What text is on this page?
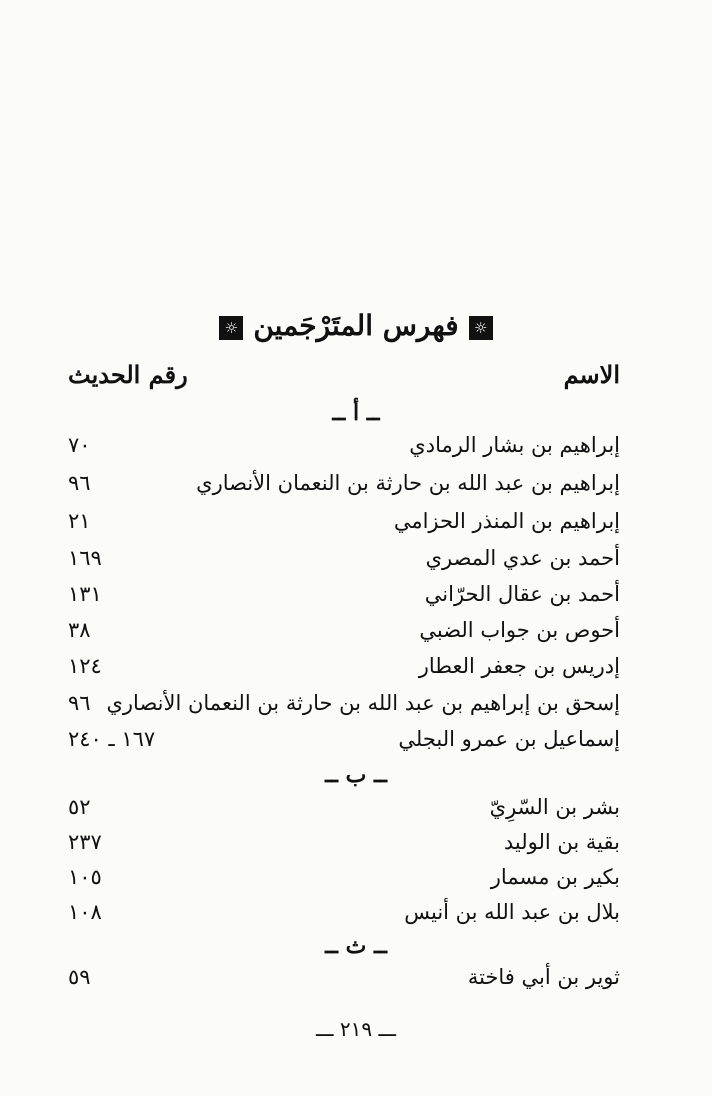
☼فهرس المتَرْجَمين☼
الاسم
رقم الحديث
ــ أ ــ
إبراهيم بن بشار الرمادي
٧٠
إبراهيم بن عبد الله بن حارثة بن النعمان الأنصاري
٩٦
إبراهيم بن المنذر الحزامي
٢١
أحمد بن عدي المصري
١٦٩
أحمد بن عقال الحرّاني
١٣١
أحوص بن جواب الضبي
٣٨
إدريس بن جعفر العطار
١٢٤
إسحق بن إبراهيم بن عبد الله بن حارثة بن النعمان الأنصاري
٩٦
إسماعيل بن عمرو البجلي
١٦٧ ـ ٢٤٠
ــ ب ــ
بشر بن السّرِيّ
٥٢
بقية بن الوليد
٢٣٧
بكير بن مسمار
١٠٥
بلال بن عبد الله بن أنيس
١٠٨
ــ ث ــ
ثوير بن أبي فاختة
٥٩
ـــ ٢١٩ ـــ
